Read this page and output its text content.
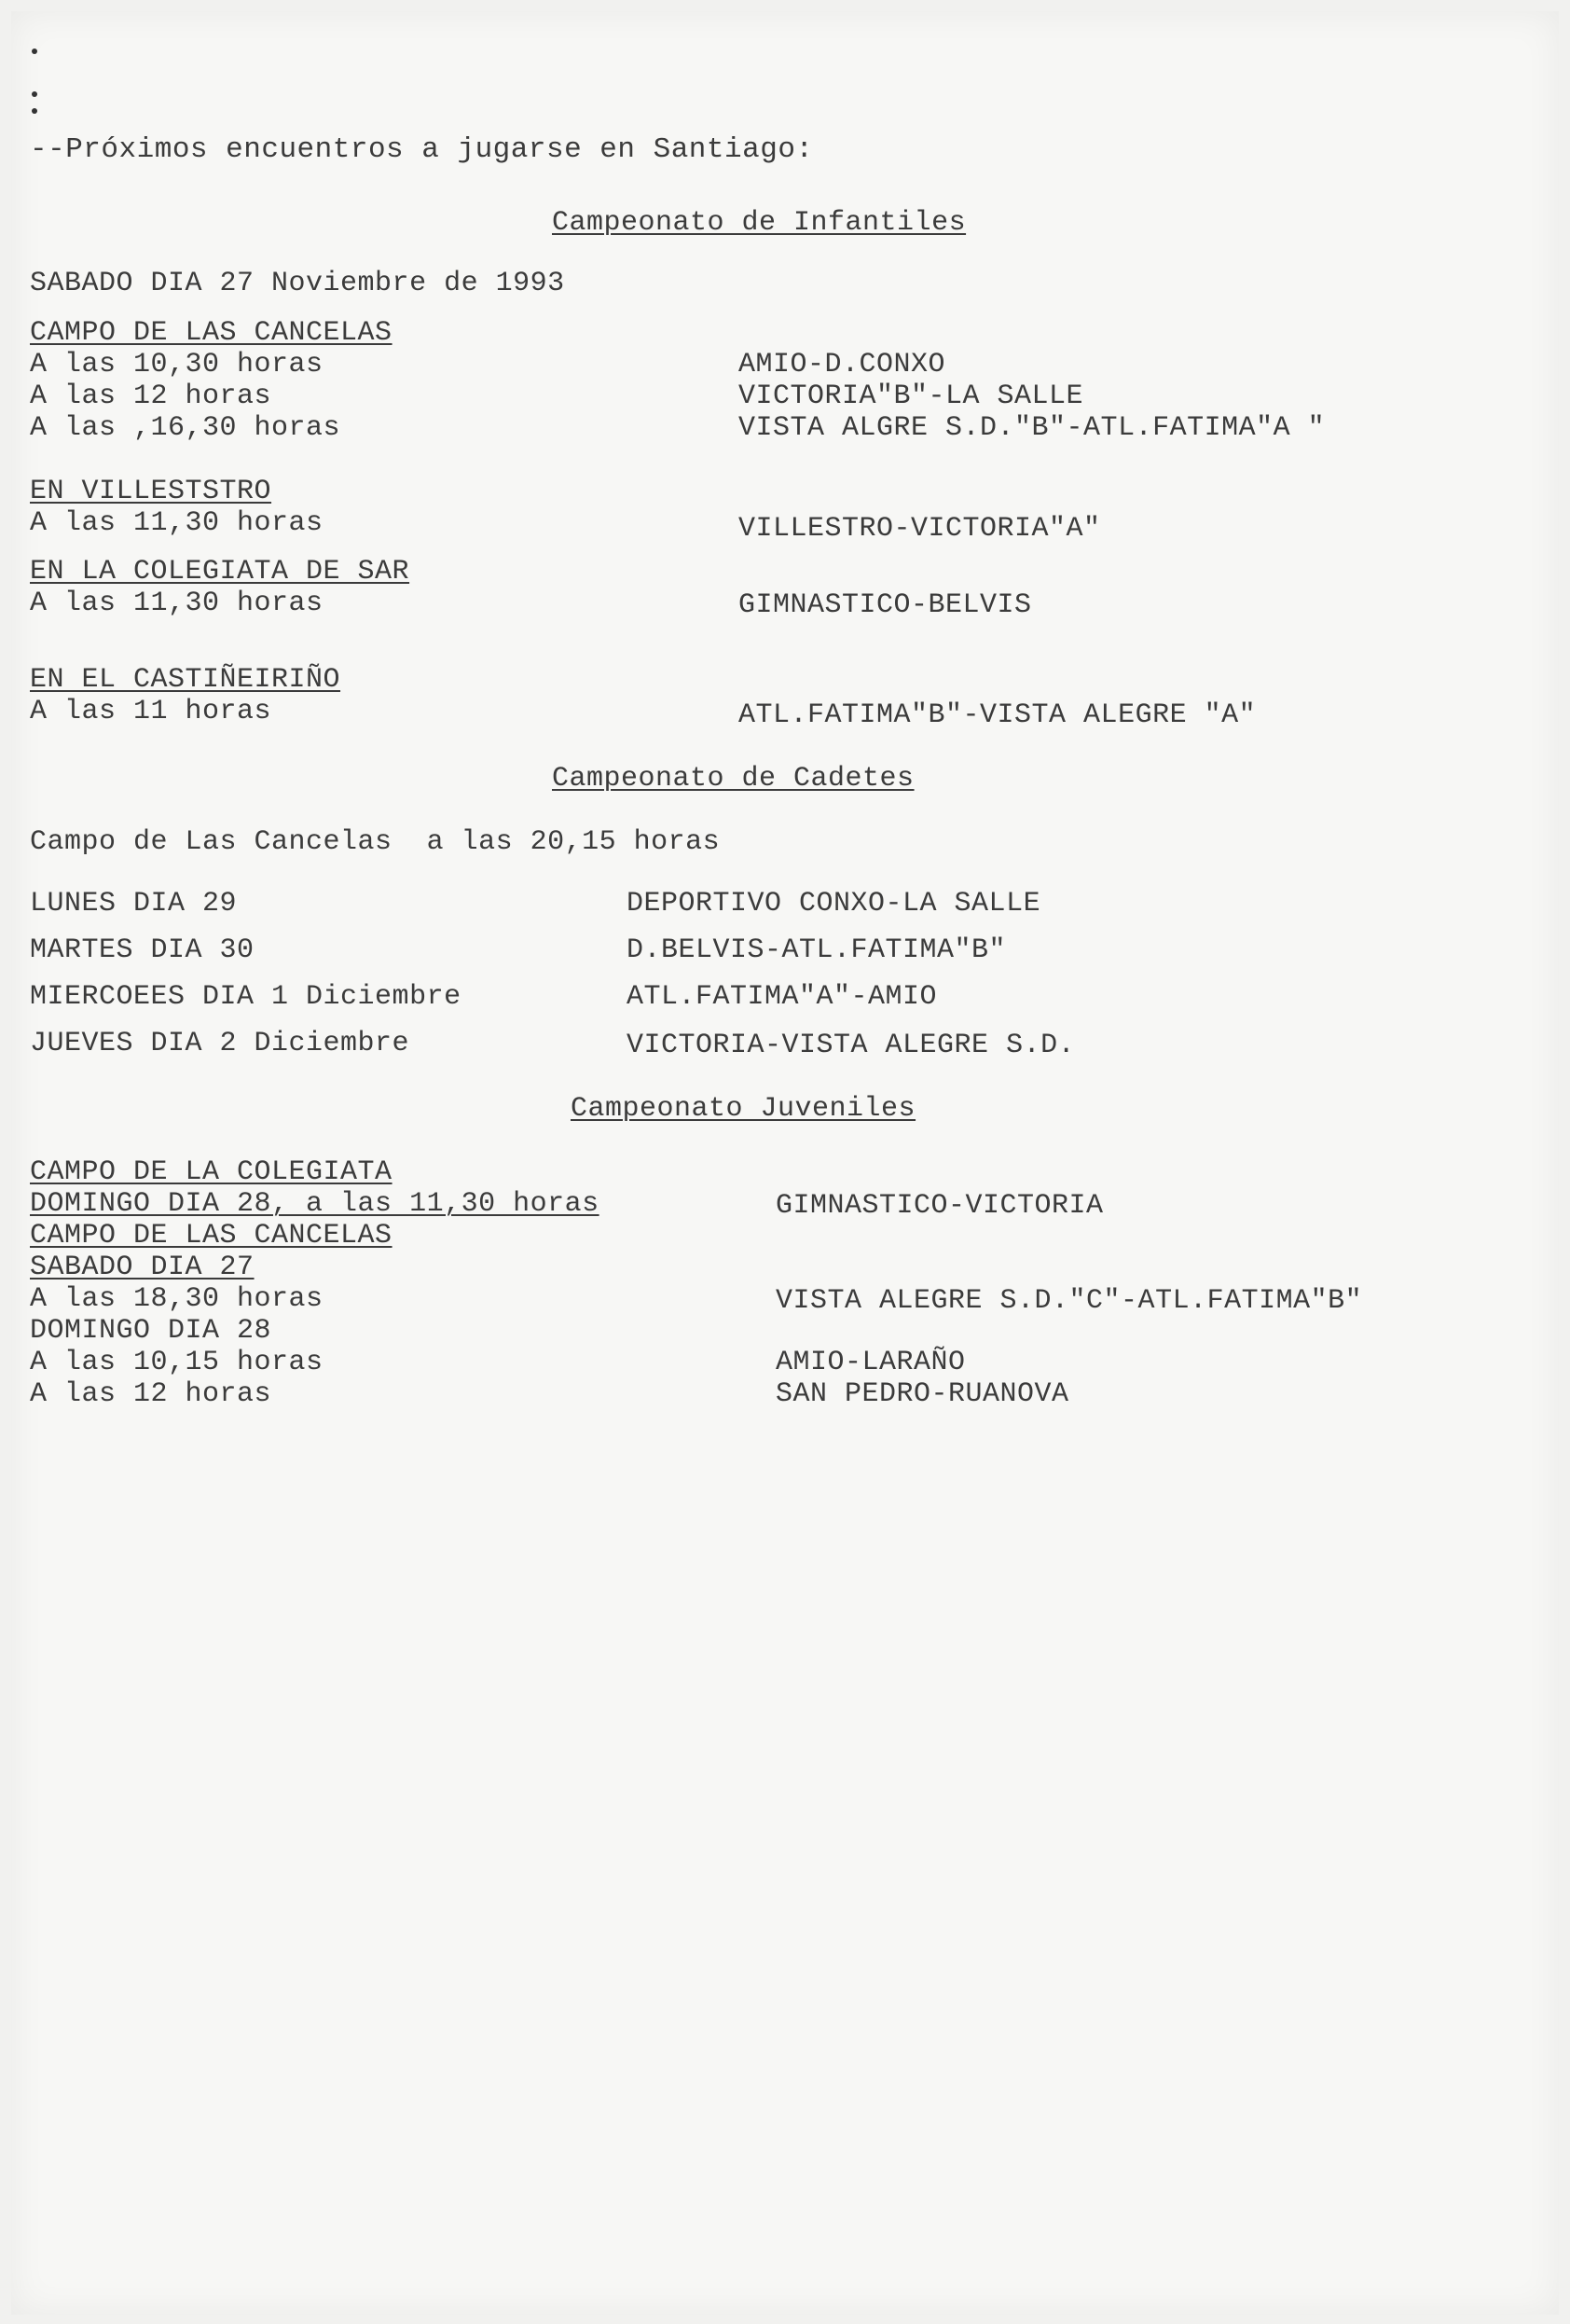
--Próximos encuentros a jugarse en Santiago:
Campeonato de Infantiles
SABADO DIA 27 Noviembre de 1993
CAMPO DE LAS CANCELAS
A las 10,30 horas	AMIO-D.CONXO
A las 12 horas	VICTORIA"B"-LA SALLE
A las ,16,30 horas	VISTA ALGRE S.D."B"-ATL.FATIMA"A "
EN VILLESTSTRO
A las 11,30 horas	VILLESTRO-VICTORIA"A"
EN LA COLEGIATA DE SAR
A las 11,30 horas	GIMNASTICO-BELVIS
EN EL CASTIÑEIRIÑO
A las 11 horas	ATL.FATIMA"B"-VISTA ALEGRE "A"
Campeonato de Cadetes
Campo de Las Cancelas  a las 20,15 horas
LUNES DIA 29	DEPORTIVO CONXO-LA SALLE
MARTES DIA 30	D.BELVIS-ATL.FATIMA"B"
MIERCOEES DIA 1 Diciembre	ATL.FATIMA"A"-AMIO
JUEVES DIA 2 Diciembre	VICTORIA-VISTA ALEGRE S.D.
Campeonato Juveniles
CAMPO DE LA COLEGIATA
DOMINGO DIA 28, a las 11,30 horas	GIMNASTICO-VICTORIA
CAMPO DE LAS CANCELAS
SABADO DIA 27
A las 18,30 horas	VISTA ALEGRE S.D."C"-ATL.FATIMA"B"
DOMINGO DIA 28
A las 10,15 horas	AMIO-LARAÑO
A las 12 horas	SAN PEDRO-RUANOVA
